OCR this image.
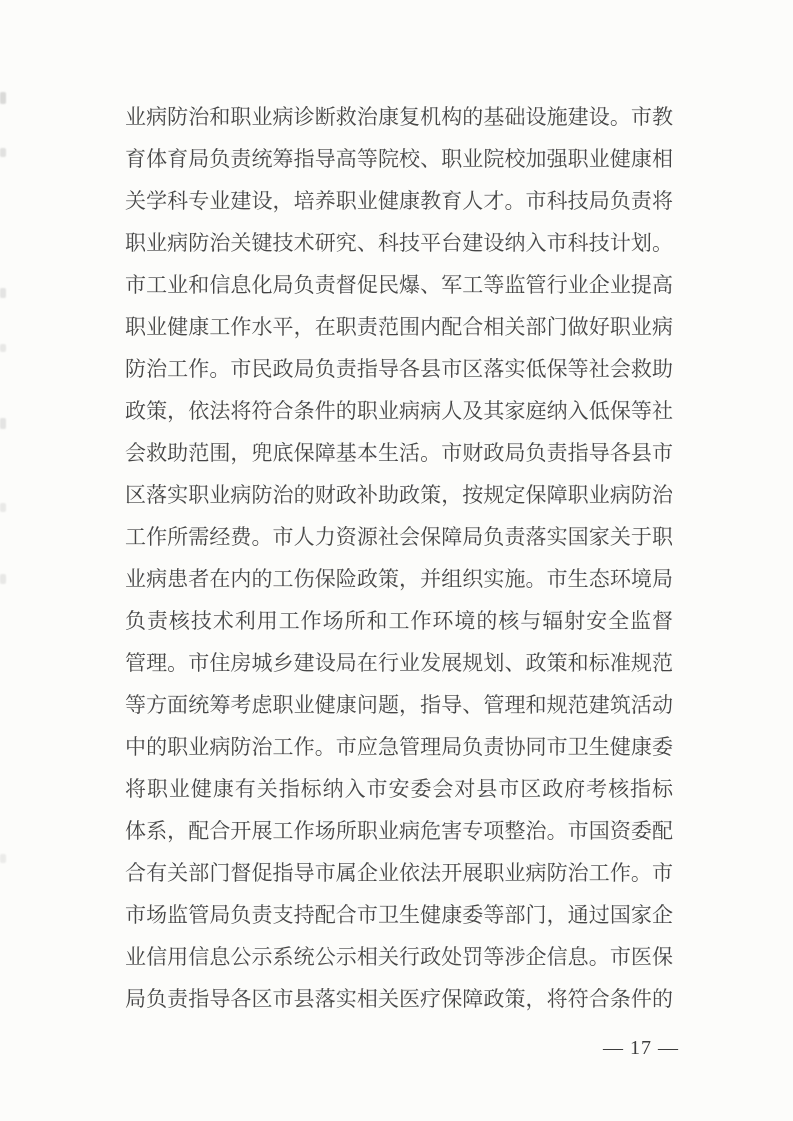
业病防治和职业病诊断救治康复机构的基础设施建设。市教

育体育局负责统筹指导高等院校、职业院校加强职业健康相

关学科专业建设，培养职业健康教育人才。市科技局负责将

职业病防治关键技术研究、科技平台建设纳入市科技计划。

市工业和信息化局负责督促民爆、军工等监管行业企业提高

职业健康工作水平，在职责范围内配合相关部门做好职业病

防治工作。市民政局负责指导各县市区落实低保等社会救助

政策，依法将符合条件的职业病病人及其家庭纳入低保等社

会救助范围，兜底保障基本生活。市财政局负责指导各县市

区落实职业病防治的财政补助政策，按规定保障职业病防治

工作所需经费。市人力资源社会保障局负责落实国家关于职

业病患者在内的工伤保险政策，并组织实施。市生态环境局

负责核技术利用工作场所和工作环境的核与辐射安全监督

管理。市住房城乡建设局在行业发展规划、政策和标准规范

等方面统筹考虑职业健康问题，指导、管理和规范建筑活动

中的职业病防治工作。市应急管理局负责协同市卫生健康委

将职业健康有关指标纳入市安委会对县市区政府考核指标

体系，配合开展工作场所职业病危害专项整治。市国资委配

合有关部门督促指导市属企业依法开展职业病防治工作。市

市场监管局负责支持配合市卫生健康委等部门，通过国家企

业信用信息公示系统公示相关行政处罚等涉企信息。市医保

局负责指导各区市县落实相关医疗保障政策，将符合条件的

— 17 —
